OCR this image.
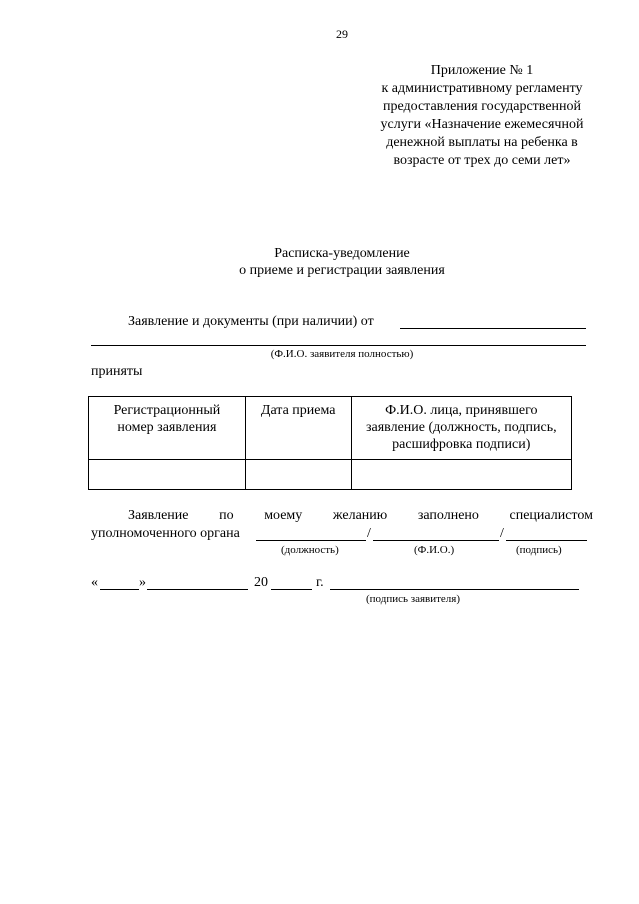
29
Приложение № 1
к административному регламенту
предоставления государственной
услуги «Назначение ежемесячной
денежной выплаты на ребенка в
возрасте от трех до семи лет»
Расписка-уведомление
о приеме и регистрации заявления
Заявление и документы (при наличии) от
(Ф.И.О. заявителя полностью)
приняты
Регистрационный номер заявления	Дата приема	Ф.И.О. лица, принявшего заявление (должность, подпись, расшифровка подписи)

Заявление по моему желанию заполнено специалистом
уполномоченного органа	/	/
(должность)	(Ф.И.О.)	(подпись)
«	»	20	г.
(подпись заявителя)
